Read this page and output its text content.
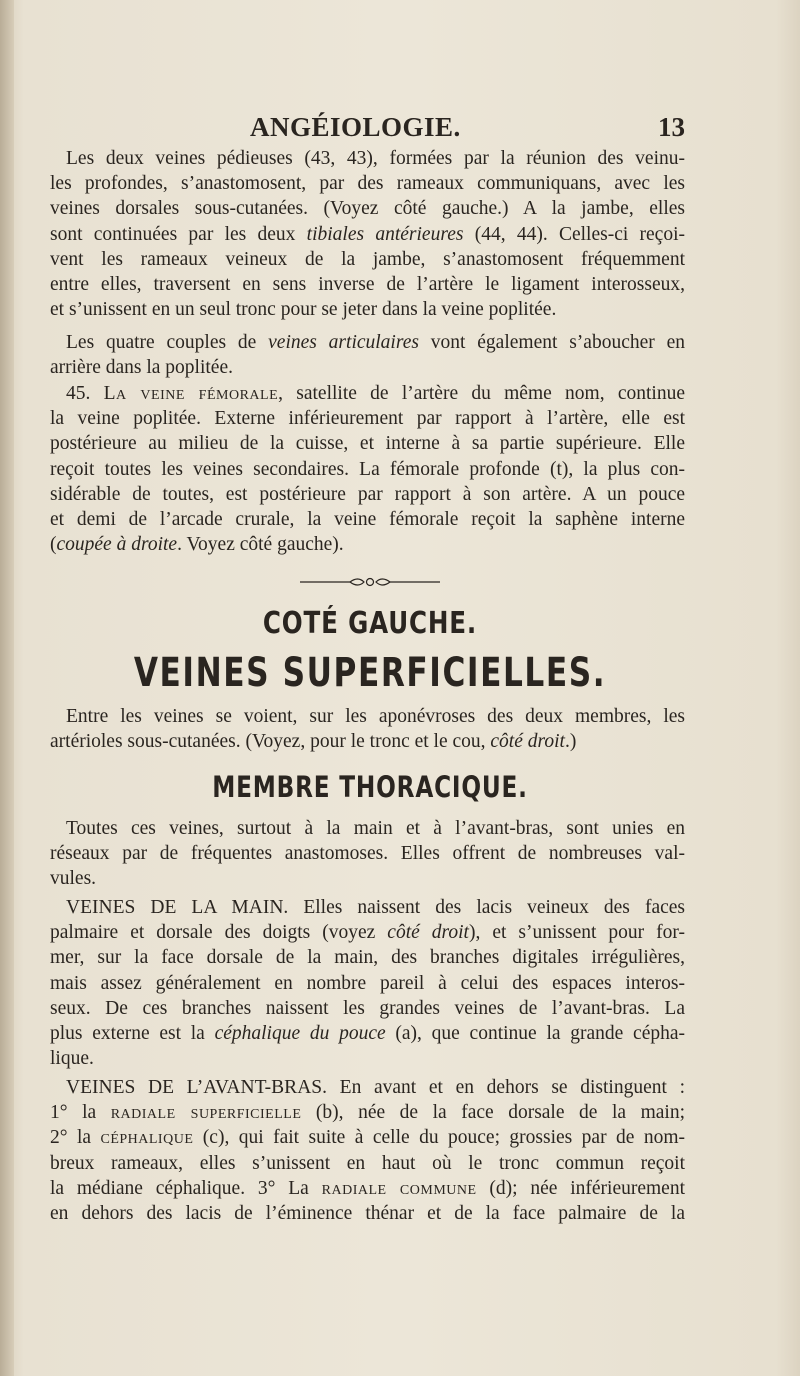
ANGÉIOLOGIE.	13
Les deux veines pédieuses (43, 43), formées par la réunion des veinu-
les profondes, s’anastomosent, par des rameaux communiquans, avec les
veines dorsales sous-cutanées. (Voyez côté gauche.) A la jambe, elles
sont continuées par les deux tibiales antérieures (44, 44). Celles-ci reçoi-
vent les rameaux veineux de la jambe, s’anastomosent fréquemment
entre elles, traversent en sens inverse de l’artère le ligament interosseux,
et s’unissent en un seul tronc pour se jeter dans la veine poplitée.
Les quatre couples de veines articulaires vont également s’aboucher en
arrière dans la poplitée.
45. La veine fémorale, satellite de l’artère du même nom, continue
la veine poplitée. Externe inférieurement par rapport à l’artère, elle est
postérieure au milieu de la cuisse, et interne à sa partie supérieure. Elle
reçoit toutes les veines secondaires. La fémorale profonde (t), la plus con-
sidérable de toutes, est postérieure par rapport à son artère. A un pouce
et demi de l’arcade crurale, la veine fémorale reçoit la saphène interne
(coupée à droite. Voyez côté gauche).
COTÉ GAUCHE.
VEINES SUPERFICIELLES.
Entre les veines se voient, sur les aponévroses des deux membres, les
artérioles sous-cutanées. (Voyez, pour le tronc et le cou, côté droit.)
MEMBRE THORACIQUE.
Toutes ces veines, surtout à la main et à l’avant-bras, sont unies en
réseaux par de fréquentes anastomoses. Elles offrent de nombreuses val-
vules.
VEINES DE LA MAIN. Elles naissent des lacis veineux des faces
palmaire et dorsale des doigts (voyez côté droit), et s’unissent pour for-
mer, sur la face dorsale de la main, des branches digitales irrégulières,
mais assez généralement en nombre pareil à celui des espaces interos-
seux. De ces branches naissent les grandes veines de l’avant-bras. La
plus externe est la céphalique du pouce (a), que continue la grande cépha-
lique.
VEINES DE L’AVANT-BRAS. En avant et en dehors se distinguent :
1° la radiale superficielle (b), née de la face dorsale de la main;
2° la céphalique (c), qui fait suite à celle du pouce; grossies par de nom-
breux rameaux, elles s’unissent en haut où le tronc commun reçoit
la médiane céphalique. 3° La radiale commune (d); née inférieurement
en dehors des lacis de l’éminence thénar et de la face palmaire de la
